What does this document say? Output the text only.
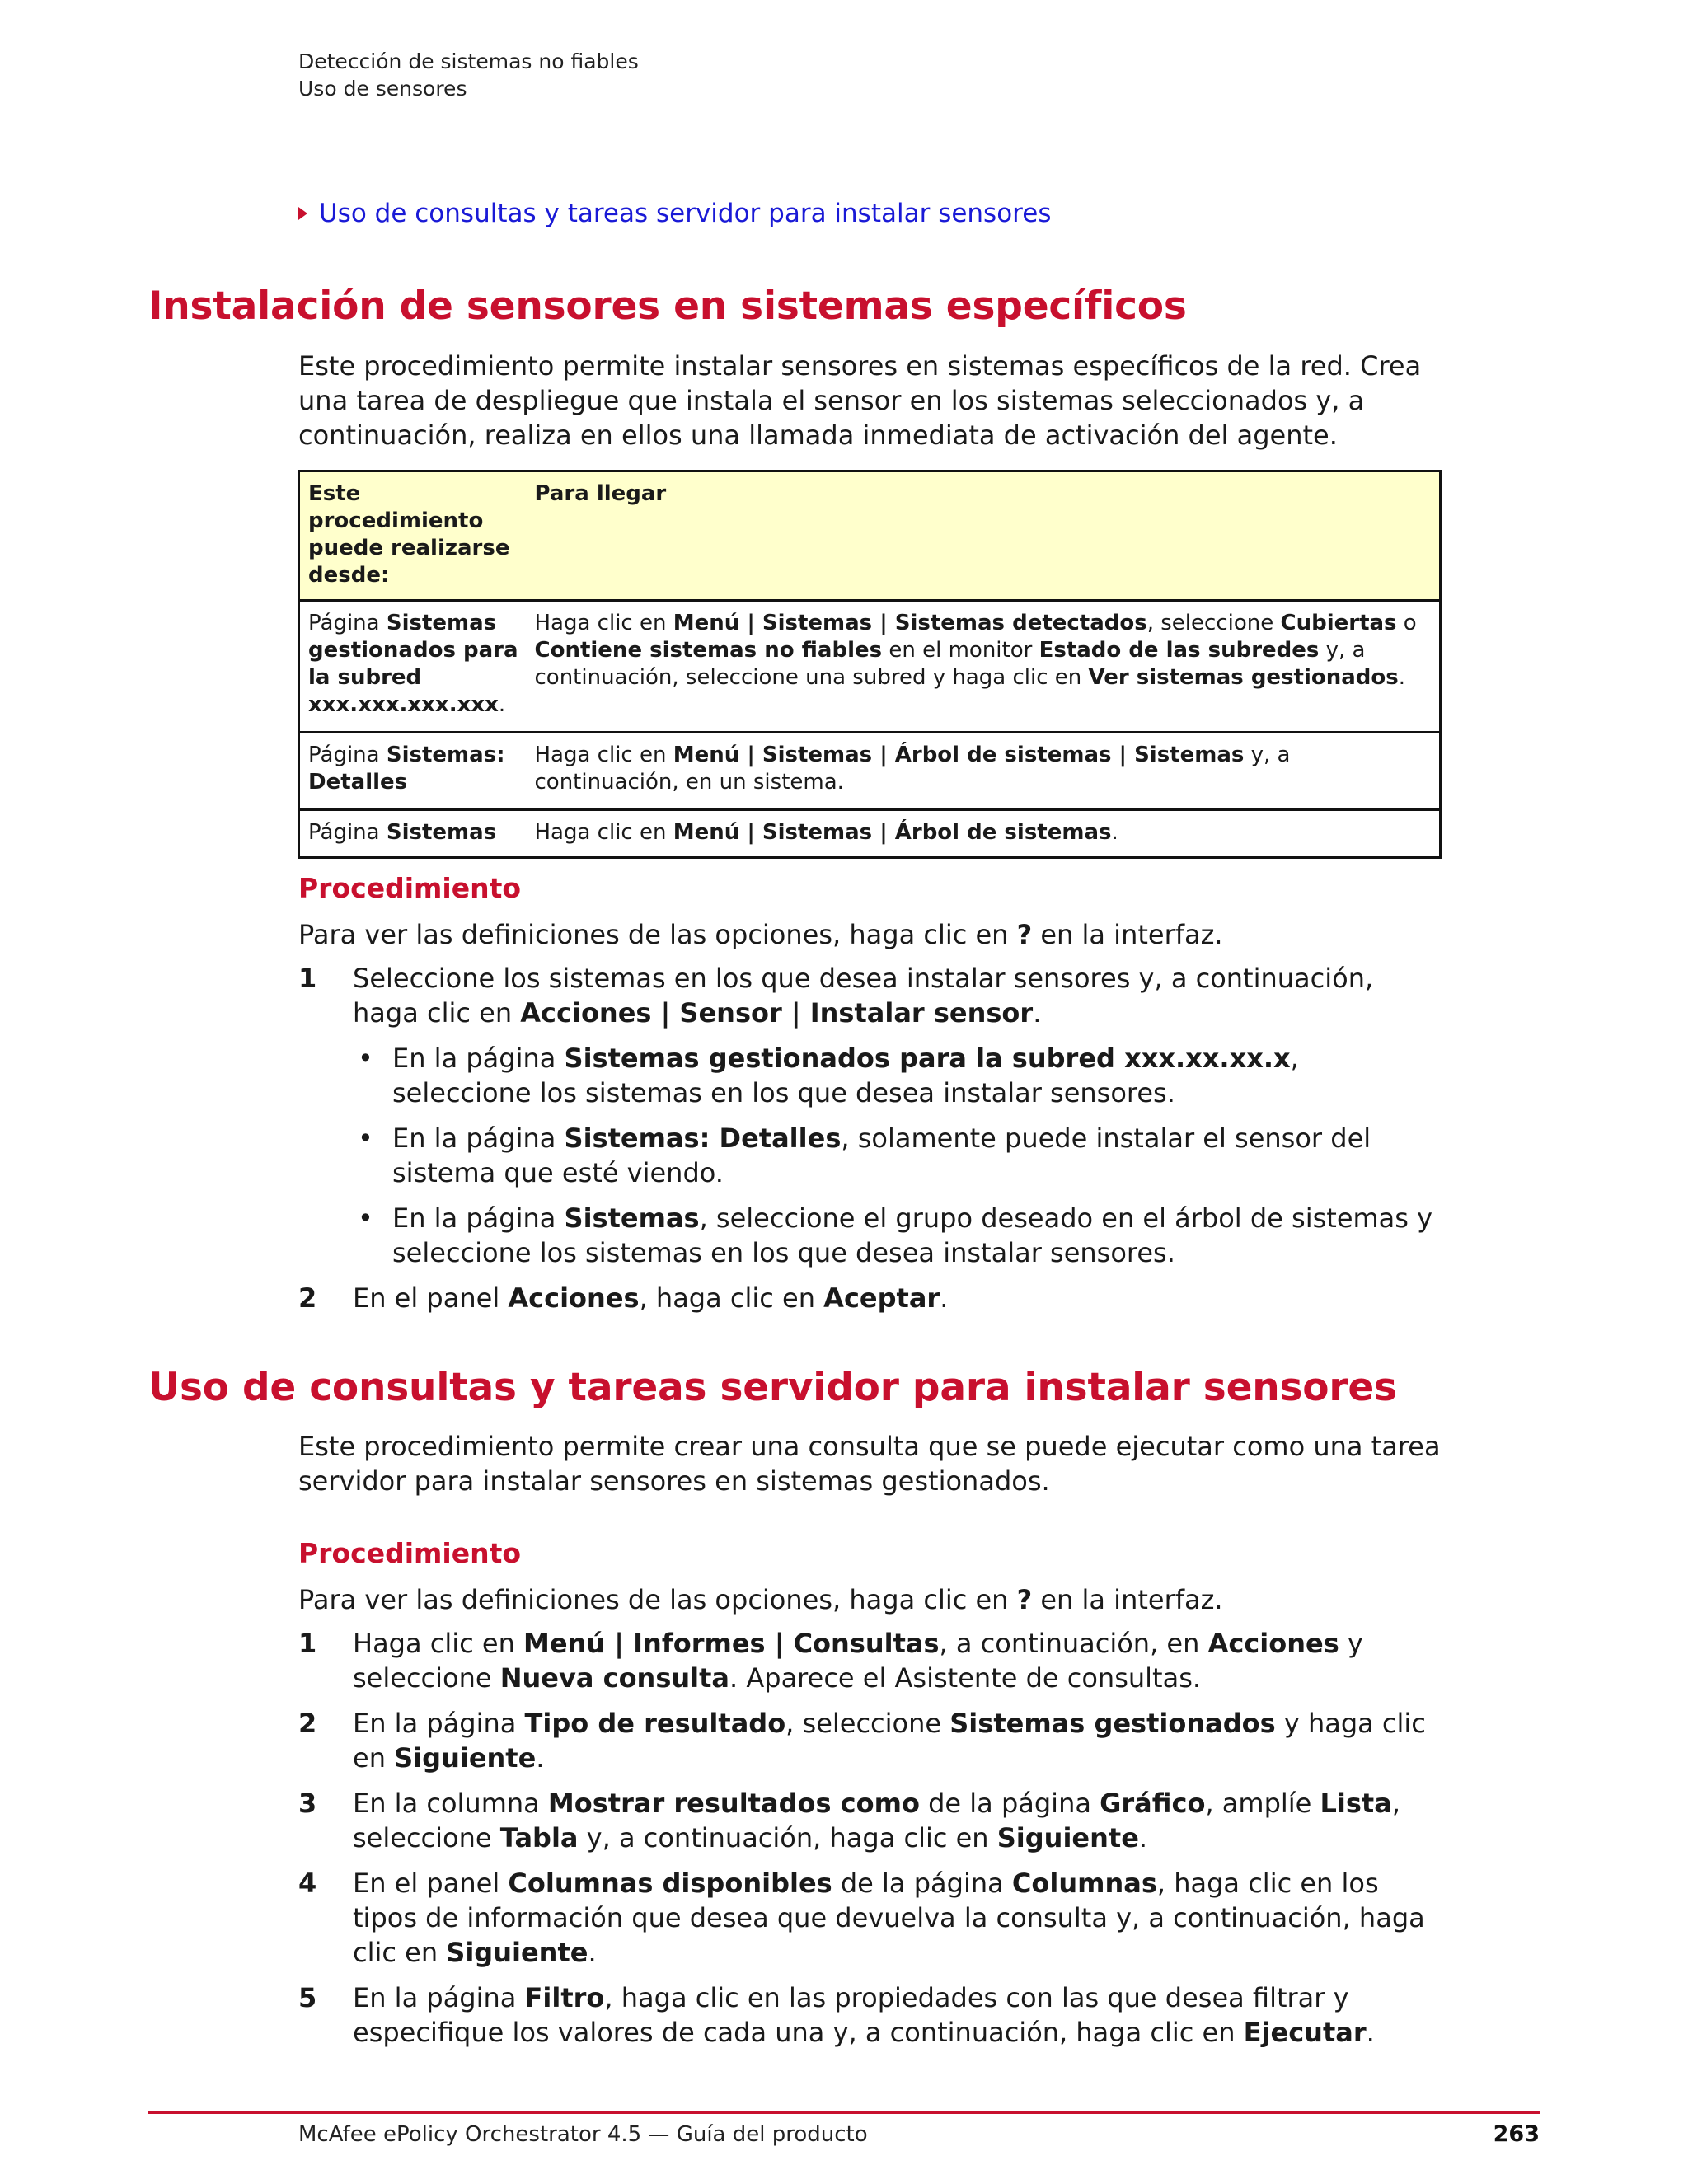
Detección de sistemas no fiables
Uso de sensores
Uso de consultas y tareas servidor para instalar sensores
Instalación de sensores en sistemas específicos

Este procedimiento permite instalar sensores en sistemas específicos de la red. Crea una tarea de despliegue que instala el sensor en los sistemas seleccionados y, a continuación, realiza en ellos una llamada inmediata de activación del agente.

Este procedimiento puede realizarse desde:	Para llegar
Página Sistemas gestionados para la subred xxx.xxx.xxx.xxx.	Haga clic en Menú | Sistemas | Sistemas detectados, seleccione Cubiertas o Contiene sistemas no fiables en el monitor Estado de las subredes y, a continuación, seleccione una subred y haga clic en Ver sistemas gestionados.
Página Sistemas: Detalles	Haga clic en Menú | Sistemas | Árbol de sistemas | Sistemas y, a continuación, en un sistema.
Página Sistemas	Haga clic en Menú | Sistemas | Árbol de sistemas.
Procedimiento

Para ver las definiciones de las opciones, haga clic en ? en la interfaz.

1	Seleccione los sistemas en los que desea instalar sensores y, a continuación, haga clic en Acciones | Sensor | Instalar sensor.
• En la página Sistemas gestionados para la subred xxx.xx.xx.x, seleccione los sistemas en los que desea instalar sensores.
• En la página Sistemas: Detalles, solamente puede instalar el sensor del sistema que esté viendo.
• En la página Sistemas, seleccione el grupo deseado en el árbol de sistemas y seleccione los sistemas en los que desea instalar sensores.
2	En el panel Acciones, haga clic en Aceptar.
Uso de consultas y tareas servidor para instalar sensores

Este procedimiento permite crear una consulta que se puede ejecutar como una tarea servidor para instalar sensores en sistemas gestionados.

Procedimiento

Para ver las definiciones de las opciones, haga clic en ? en la interfaz.

1	Haga clic en Menú | Informes | Consultas, a continuación, en Acciones y seleccione Nueva consulta. Aparece el Asistente de consultas.
2	En la página Tipo de resultado, seleccione Sistemas gestionados y haga clic en Siguiente.
3	En la columna Mostrar resultados como de la página Gráfico, amplíe Lista, seleccione Tabla y, a continuación, haga clic en Siguiente.
4	En el panel Columnas disponibles de la página Columnas, haga clic en los tipos de información que desea que devuelva la consulta y, a continuación, haga clic en Siguiente.
5	En la página Filtro, haga clic en las propiedades con las que desea filtrar y especifique los valores de cada una y, a continuación, haga clic en Ejecutar.
McAfee ePolicy Orchestrator 4.5 — Guía del producto	263
